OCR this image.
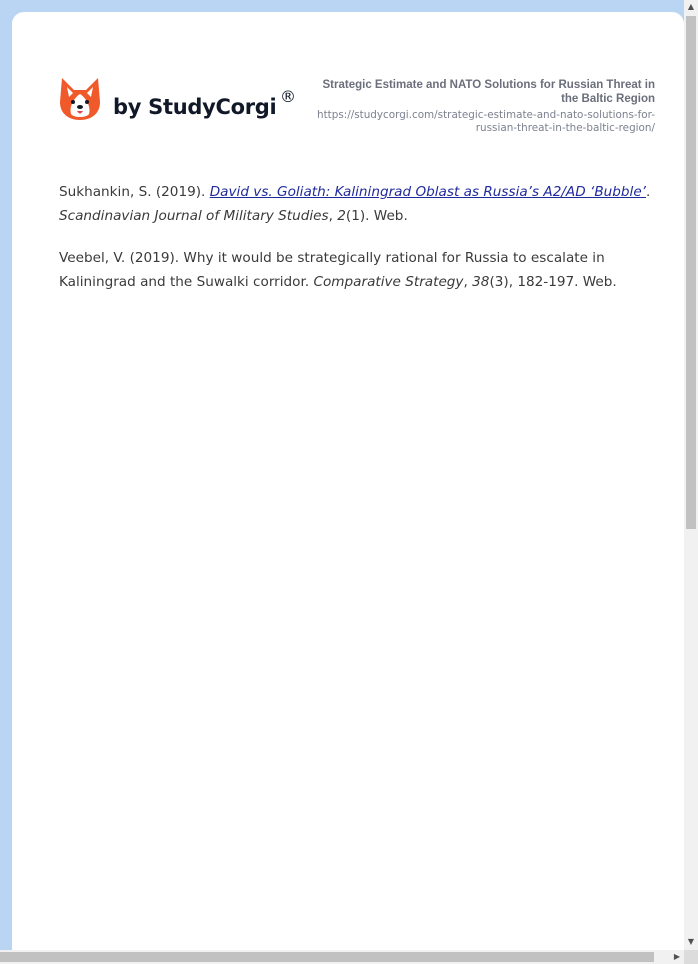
by StudyCorgi ®
Strategic Estimate and NATO Solutions for Russian Threat in the Baltic Region
https://studycorgi.com/strategic-estimate-and-nato-solutions-for-russian-threat-in-the-baltic-region/

Sukhankin, S. (2019). David vs. Goliath: Kaliningrad Oblast as Russia’s A2/AD ‘Bubble’. Scandinavian Journal of Military Studies, 2(1). Web.

Veebel, V. (2019). Why it would be strategically rational for Russia to escalate in Kaliningrad and the Suwalki corridor. Comparative Strategy, 38(3), 182-197. Web.

▲
▼
▶
